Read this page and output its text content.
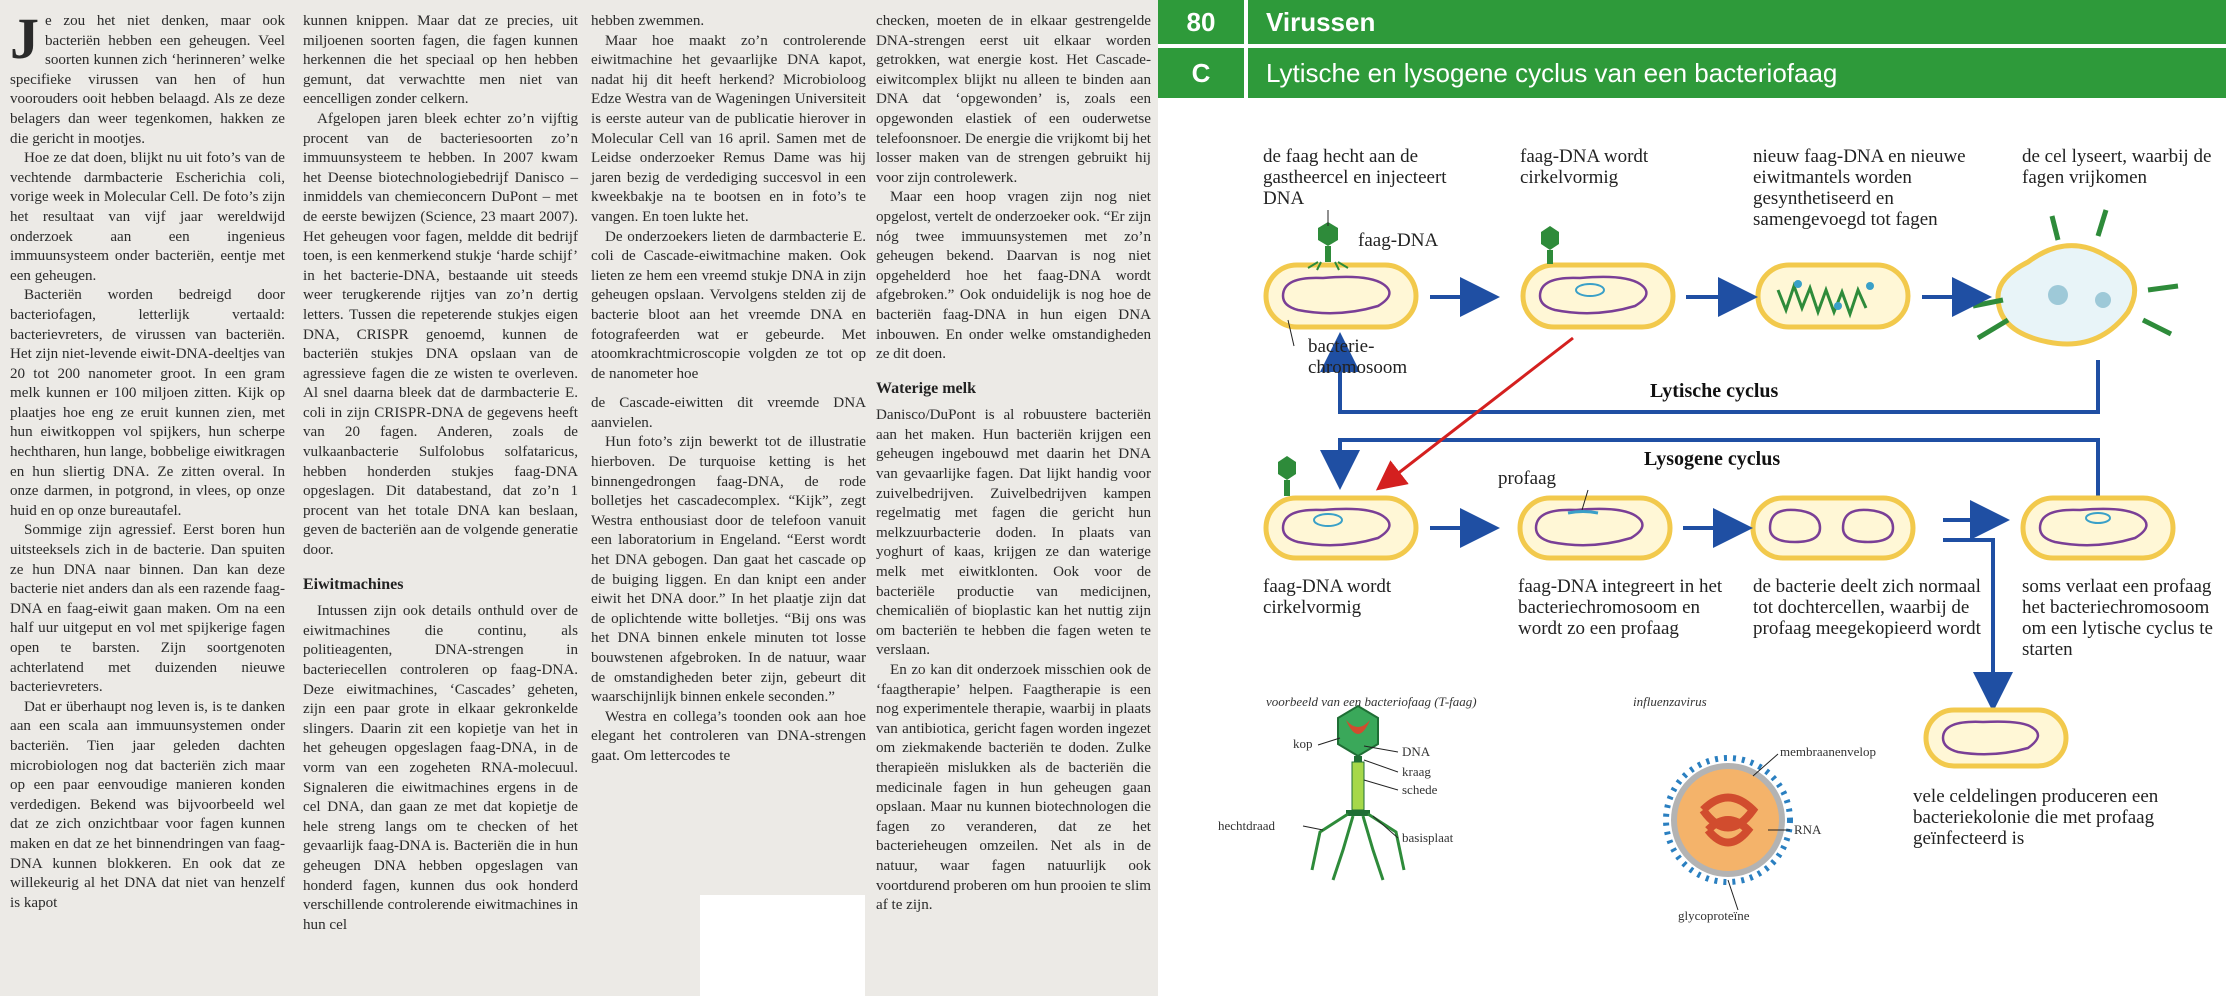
Je zou het niet denken, maar ook bacteriën hebben een geheugen. Veel soorten kunnen zich ‘herinneren’ welke specifieke virussen van hen of hun voorouders ooit hebben belaagd. Als ze deze belagers dan weer tegenkomen, hakken ze die gericht in mootjes.

Hoe ze dat doen, blijkt nu uit foto’s van de vechtende darmbacterie Escherichia coli, vorige week in Molecular Cell. De foto’s zijn het resultaat van vijf jaar wereldwijd onderzoek aan een ingenieus immuunsysteem onder bacteriën, eentje met een geheugen.

Bacteriën worden bedreigd door bacteriofagen, letterlijk vertaald: bacterievreters, de virussen van bacteriën. Het zijn niet-levende eiwit-DNA-deeltjes van 20 tot 200 nanometer groot. In een gram melk kunnen er 100 miljoen zitten. Kijk op plaatjes hoe eng ze eruit kunnen zien, met hun eiwitkoppen vol spijkers, hun scherpe hechtharen, hun lange, bobbelige eiwitkragen en hun sliertig DNA. Ze zitten overal. In onze darmen, in potgrond, in vlees, op onze huid en op onze bureautafel.

Sommige zijn agressief. Eerst boren hun uitsteeksels zich in de bacterie. Dan spuiten ze hun DNA naar binnen. Dan kan deze bacterie niet anders dan als een razende faag-DNA en faag-eiwit gaan maken. Om na een half uur uitgeput en vol met spijkerige fagen open te barsten. Zijn soortgenoten achterlatend met duizenden nieuwe bacterievreters.

Dat er überhaupt nog leven is, is te danken aan een scala aan immuunsystemen onder bacteriën. Tien jaar geleden dachten microbiologen nog dat bacteriën zich maar op een paar eenvoudige manieren konden verdedigen. Bekend was bijvoorbeeld wel dat ze zich onzichtbaar voor fagen kunnen maken en dat ze het binnendringen van faag-DNA kunnen blokkeren. En ook dat ze willekeurig al het DNA dat niet van henzelf is kapot

kunnen knippen. Maar dat ze precies, uit miljoenen soorten fagen, die fagen kunnen herkennen die het speciaal op hen hebben gemunt, dat verwachtte men niet van eencelligen zonder celkern.

Afgelopen jaren bleek echter zo’n vijftig procent van de bacteriesoorten zo’n immuunsysteem te hebben. In 2007 kwam het Deense biotechnologiebedrijf Danisco – inmiddels van chemieconcern DuPont – met de eerste bewijzen (Science, 23 maart 2007). Het geheugen voor fagen, meldde dit bedrijf toen, is een kenmerkend stukje ‘harde schijf’ in het bacterie-DNA, bestaande uit steeds weer terugkerende rijtjes van zo’n dertig letters. Tussen die repeterende stukjes eigen DNA, CRISPR genoemd, kunnen de bacteriën stukjes DNA opslaan van de agressieve fagen die ze wisten te overleven. Al snel daarna bleek dat de darmbacterie E. coli in zijn CRISPR-DNA de gegevens heeft van 20 fagen. Anderen, zoals de vulkaanbacterie Sulfolobus solfataricus, hebben honderden stukjes faag-DNA opgeslagen. Dit databestand, dat zo’n 1 procent van het totale DNA kan beslaan, geven de bacteriën aan de volgende generatie door.

Eiwitmachines

Intussen zijn ook details onthuld over de eiwitmachines die continu, als politieagenten, DNA-strengen in bacteriecellen controleren op faag-DNA. Deze eiwitmachines, ‘Cascades’ geheten, zijn een paar grote in elkaar gekronkelde slingers. Daarin zit een kopietje van het in het geheugen opgeslagen faag-DNA, in de vorm van een zogeheten RNA-molecuul. Signaleren die eiwitmachines ergens in de cel DNA, dan gaan ze met dat kopietje de hele streng langs om te checken of het gevaarlijk faag-DNA is. Bacteriën die in hun geheugen DNA hebben opgeslagen van honderd fagen, kunnen dus ook honderd verschillende controlerende eiwitmachines in hun cel

hebben zwemmen.

Maar hoe maakt zo’n controlerende eiwitmachine het gevaarlijke DNA kapot, nadat hij dit heeft herkend? Microbioloog Edze Westra van de Wageningen Universiteit is eerste auteur van de publicatie hierover in Molecular Cell van 16 april. Samen met de Leidse onderzoeker Remus Dame was hij jaren bezig de verdediging succesvol in een kweekbakje na te bootsen en in foto’s te vangen. En toen lukte het.

De onderzoekers lieten de darmbacterie E. coli de Cascade-eiwitmachine maken. Ook lieten ze hem een vreemd stukje DNA in zijn geheugen opslaan. Vervolgens stelden zij de bacterie bloot aan het vreemde DNA en fotografeerden wat er gebeurde. Met atoomkrachtmicroscopie volgden ze tot op de nanometer hoe

de Cascade-eiwitten dit vreemde DNA aanvielen.

Hun foto’s zijn bewerkt tot de illustratie hierboven. De turquoise ketting is het binnengedrongen faag-DNA, de rode bolletjes het cascadecomplex. “Kijk”, zegt Westra enthousiast door de telefoon vanuit een laboratorium in Engeland. “Eerst wordt het DNA gebogen. Dan gaat het cascade op de buiging liggen. En dan knipt een ander eiwit het DNA door.” In het plaatje zijn dat de oplichtende witte bolletjes. “Bij ons was het DNA binnen enkele minuten tot losse bouwstenen afgebroken. In de natuur, waar de omstandigheden beter zijn, gebeurt dit waarschijnlijk binnen enkele seconden.”

Westra en collega’s toonden ook aan hoe elegant het controleren van DNA-strengen gaat. Om lettercodes te

checken, moeten de in elkaar gestrengelde DNA-strengen eerst uit elkaar worden getrokken, wat energie kost. Het Cascade-eiwitcomplex blijkt nu alleen te binden aan DNA dat ‘opgewonden’ is, zoals een opgewonden elastiek of een ouderwetse telefoonsnoer. De energie die vrijkomt bij het losser maken van de strengen gebruikt hij voor zijn controlewerk.

Maar een hoop vragen zijn nog niet opgelost, vertelt de onderzoeker ook. “Er zijn nóg twee immuunsystemen met zo’n geheugen bekend. Daarvan is nog niet opgehelderd hoe het faag-DNA wordt afgebroken.” Ook onduidelijk is nog hoe de bacteriën faag-DNA in hun eigen DNA inbouwen. En onder welke omstandigheden ze dit doen.

Waterige melk

Danisco/DuPont is al robuustere bacteriën aan het maken. Hun bacteriën krijgen een geheugen ingebouwd met daarin het DNA van gevaarlijke fagen. Dat lijkt handig voor zuivelbedrijven. Zuivelbedrijven kampen regelmatig met fagen die gericht hun melkzuurbacterie doden. In plaats van yoghurt of kaas, krijgen ze dan waterige melk met eiwitklonten. Ook voor de bacteriële productie van medicijnen, chemicaliën of bioplastic kan het nuttig zijn om bacteriën te hebben die fagen weten te verslaan.

En zo kan dit onderzoek misschien ook de ‘faagtherapie’ helpen. Faagtherapie is een nog experimentele therapie, waarbij in plaats van antibiotica, gericht fagen worden ingezet om ziekmakende bacteriën te doden. Zulke therapieën mislukken als de bacteriën die medicinale fagen in hun geheugen gaan opslaan. Maar nu kunnen biotechnologen die fagen zo veranderen, dat ze het bacterieheugen omzeilen. Net als in de natuur, waar fagen natuurlijk ook voortdurend proberen om hun prooien te slim af te zijn.

80	Virussen
C	Lytische en lysogene cyclus van een bacteriofaag
de faag hecht aan de gastheercel en injecteert DNA
faag-DNA wordt cirkelvormig
nieuw faag-DNA en nieuwe eiwitmantels worden gesynthetiseerd en samengevoegd tot fagen
de cel lyseert, waarbij de fagen vrijkomen
faag-DNA
bacterie-chromosoom
Lytische cyclus
Lysogene cyclus
profaag
faag-DNA wordt cirkelvormig
faag-DNA integreert in het bacteriechromosoom en wordt zo een profaag
de bacterie deelt zich normaal tot dochtercellen, waarbij de profaag meegekopieerd wordt
soms verlaat een profaag het bacteriechromosoom om een lytische cyclus te starten
vele celdelingen produceren een bacteriekolonie die met profaag geïnfecteerd is
voorbeeld van een bacteriofaag (T-faag)
kop
DNA
kraag
schede
hechtdraad
basisplaat
influenzavirus
membraanenvelop
RNA
glycoproteïne
